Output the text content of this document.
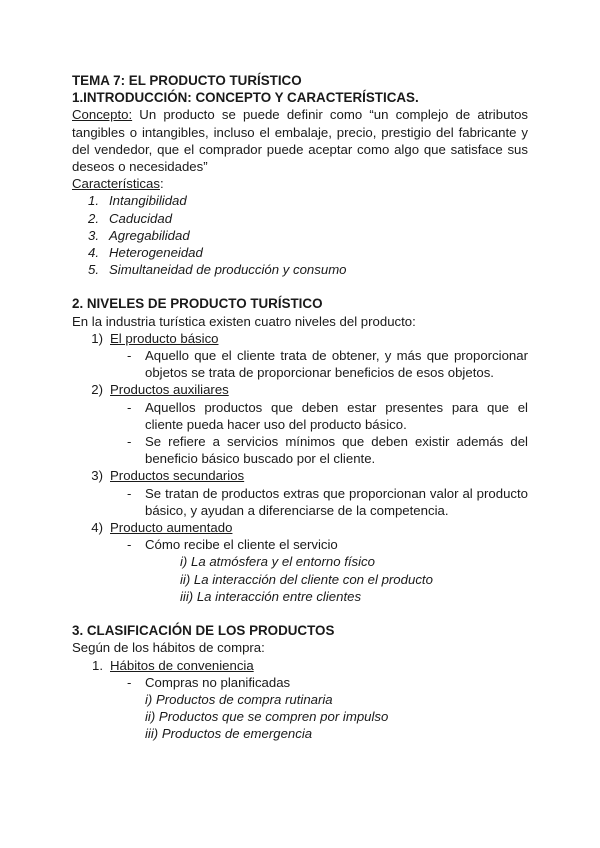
TEMA 7: EL PRODUCTO TURÍSTICO
1.INTRODUCCIÓN: CONCEPTO Y CARACTERÍSTICAS.

Concepto: Un producto se puede definir como “un complejo de atributos tangibles o intangibles, incluso el embalaje, precio, prestigio del fabricante y del vendedor, que el comprador puede aceptar como algo que satisface sus deseos o necesidades”

Características:

1. Intangibilidad
2. Caducidad
3. Agregabilidad
4. Heterogeneidad
5. Simultaneidad de producción y consumo
2. NIVELES DE PRODUCTO TURÍSTICO

En la industria turística existen cuatro niveles del producto:

1) El producto básico
-	Aquello que el cliente trata de obtener, y más que proporcionar objetos se trata de proporcionar beneficios de esos objetos.
2) Productos auxiliares
-	Aquellos productos que deben estar presentes para que el cliente pueda hacer uso del producto básico.
-	Se refiere a servicios mínimos que deben existir además del beneficio básico buscado por el cliente.
3) Productos secundarios
-	Se tratan de productos extras que proporcionan valor al producto básico, y ayudan a diferenciarse de la competencia.
4) Producto aumentado
-	Cómo recibe el cliente el servicio

i) La atmósfera y el entorno físico

ii) La interacción del cliente con el producto

iii) La interacción entre clientes

3. CLASIFICACIÓN DE LOS PRODUCTOS

Según de los hábitos de compra:

1. Hábitos de conveniencia
-	Compras no planificadas

i) Productos de compra rutinaria

ii) Productos que se compren por impulso

iii) Productos de emergencia
